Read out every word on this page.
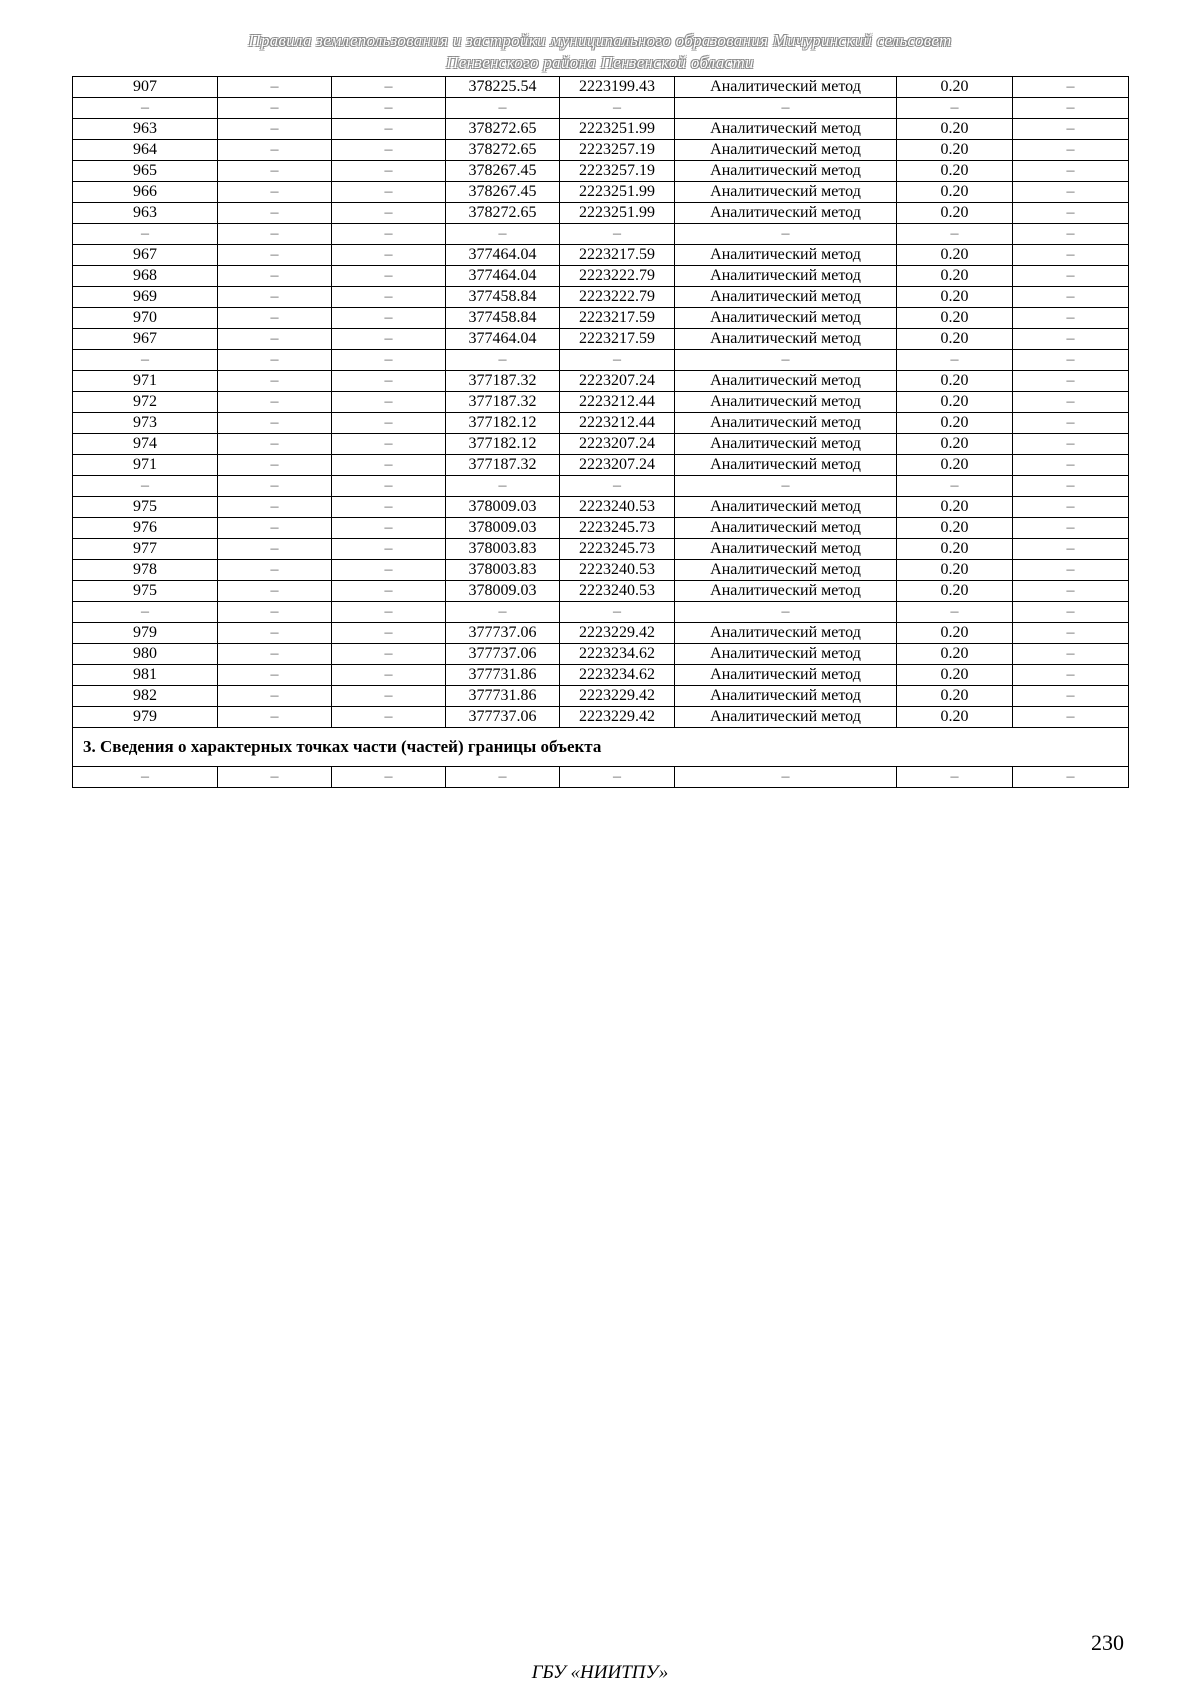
Правила землепользования и застройки муниципального образования Мичуринский сельсовет
Пензенского района Пензенской области
907	–	–	378225.54	2223199.43	Аналитический метод	0.20	–
–	–	–	–	–	–	–	–
963	–	–	378272.65	2223251.99	Аналитический метод	0.20	–
964	–	–	378272.65	2223257.19	Аналитический метод	0.20	–
965	–	–	378267.45	2223257.19	Аналитический метод	0.20	–
966	–	–	378267.45	2223251.99	Аналитический метод	0.20	–
963	–	–	378272.65	2223251.99	Аналитический метод	0.20	–
–	–	–	–	–	–	–	–
967	–	–	377464.04	2223217.59	Аналитический метод	0.20	–
968	–	–	377464.04	2223222.79	Аналитический метод	0.20	–
969	–	–	377458.84	2223222.79	Аналитический метод	0.20	–
970	–	–	377458.84	2223217.59	Аналитический метод	0.20	–
967	–	–	377464.04	2223217.59	Аналитический метод	0.20	–
–	–	–	–	–	–	–	–
971	–	–	377187.32	2223207.24	Аналитический метод	0.20	–
972	–	–	377187.32	2223212.44	Аналитический метод	0.20	–
973	–	–	377182.12	2223212.44	Аналитический метод	0.20	–
974	–	–	377182.12	2223207.24	Аналитический метод	0.20	–
971	–	–	377187.32	2223207.24	Аналитический метод	0.20	–
–	–	–	–	–	–	–	–
975	–	–	378009.03	2223240.53	Аналитический метод	0.20	–
976	–	–	378009.03	2223245.73	Аналитический метод	0.20	–
977	–	–	378003.83	2223245.73	Аналитический метод	0.20	–
978	–	–	378003.83	2223240.53	Аналитический метод	0.20	–
975	–	–	378009.03	2223240.53	Аналитический метод	0.20	–
–	–	–	–	–	–	–	–
979	–	–	377737.06	2223229.42	Аналитический метод	0.20	–
980	–	–	377737.06	2223234.62	Аналитический метод	0.20	–
981	–	–	377731.86	2223234.62	Аналитический метод	0.20	–
982	–	–	377731.86	2223229.42	Аналитический метод	0.20	–
979	–	–	377737.06	2223229.42	Аналитический метод	0.20	–
3. Сведения о характерных точках части (частей) границы объекта							
–	–	–	–	–	–	–	–
230
ГБУ «НИИТПУ»
